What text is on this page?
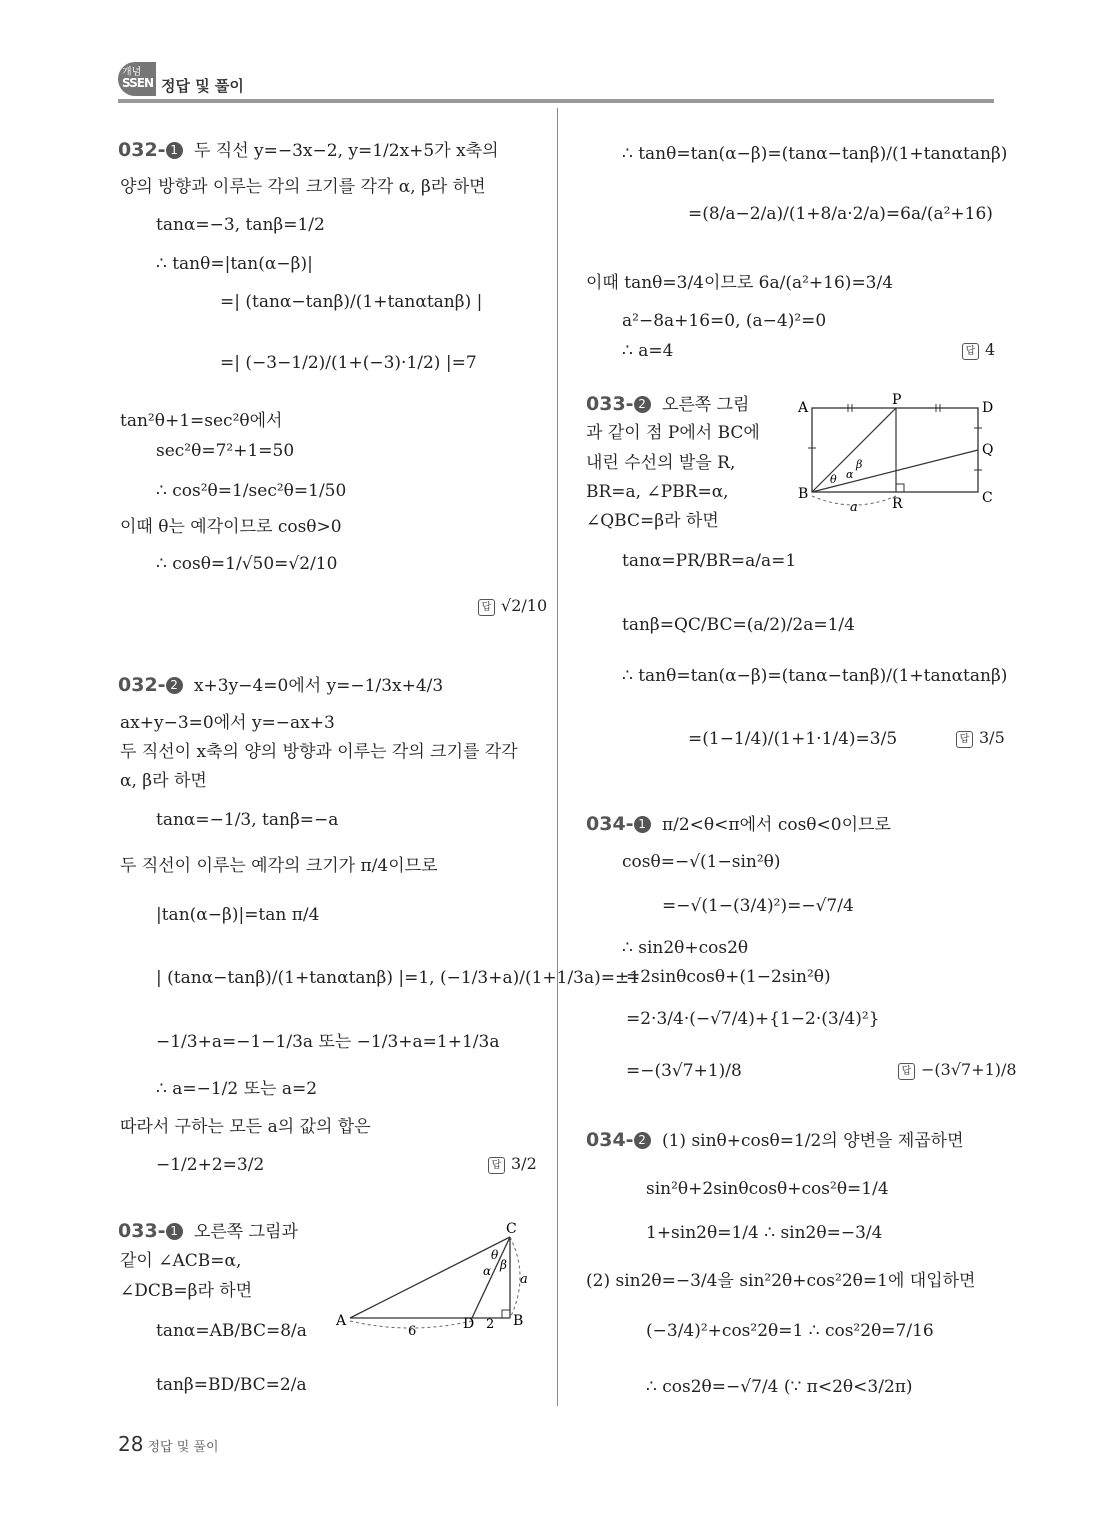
개념
SSEN 정답 및 풀이
032- 1 두 직선 y=−3x−2, y=1/2x+5가 x축의
양의 방향과 이루는 각의 크기를 각각 α, β라 하면
tanα=−3, tanβ=1/2
∴ tanθ=|tan(α−β)|
=| (tanα−tanβ)/(1+tanαtanβ) |
=| (−3−1/2)/(1+(−3)·1/2) |=7
tan²θ+1=sec²θ에서
sec²θ=7²+1=50
∴ cos²θ=1/sec²θ=1/50
이때 θ는 예각이므로 cosθ>0
∴ cosθ=1/√50=√2/10
답 √2/10
032- 2 x+3y−4=0에서 y=−1/3x+4/3
ax+y−3=0에서 y=−ax+3
두 직선이 x축의 양의 방향과 이루는 각의 크기를 각각
α, β라 하면
tanα=−1/3, tanβ=−a
두 직선이 이루는 예각의 크기가 π/4이므로
|tan(α−β)|=tan π/4
| (tanα−tanβ)/(1+tanαtanβ) |=1, (−1/3+a)/(1+1/3a)=±1
−1/3+a=−1−1/3a 또는 −1/3+a=1+1/3a
∴ a=−1/2 또는 a=2
따라서 구하는 모든 a의 값의 합은
−1/2+2=3/2	답 3/2
033- 1 오른쪽 그림과
같이 ∠ACB=α,
∠DCB=β라 하면
tanα=AB/BC=8/a
tanβ=BD/BC=2/a
A	B
C
D
6	2
a
θ
α β
∴ tanθ=tan(α−β)=(tanα−tanβ)/(1+tanαtanβ)
=(8/a−2/a)/(1+8/a·2/a)=6a/(a²+16)
이때 tanθ=3/4이므로 6a/(a²+16)=3/4
a²−8a+16=0, (a−4)²=0
∴ a=4	답 4
033- 2 오른쪽 그림
과 같이 점 P에서 BC에
내린 수선의 발을 R,
BR=a, ∠PBR=α,
∠QBC=β라 하면
tanα=PR/BR=a/a=1
tanβ=QC/BC=(a/2)/2a=1/4
∴ tanθ=tan(α−β)=(tanα−tanβ)/(1+tanαtanβ)
=(1−1/4)/(1+1·1/4)=3/5	답 3/5
034- 1 π/2<θ<π에서 cosθ<0이므로
cosθ=−√(1−sin²θ)
=−√(1−(3/4)²)=−√7/4
∴ sin2θ+cos2θ
=2sinθcosθ+(1−2sin²θ)
=2·3/4·(−√7/4)+{1−2·(3/4)²}
=−(3√7+1)/8	답 −(3√7+1)/8
034- 2 (1) sinθ+cosθ=1/2의 양변을 제곱하면
sin²θ+2sinθcosθ+cos²θ=1/4
1+sin2θ=1/4 ∴ sin2θ=−3/4
(2) sin2θ=−3/4을 sin²2θ+cos²2θ=1에 대입하면
(−3/4)²+cos²2θ=1 ∴ cos²2θ=7/16
∴ cos2θ=−√7/4 (∵ π<2θ<3/2π)
A	P	D
Q
B
R	C
a
θ α
β
28 정답 및 풀이
